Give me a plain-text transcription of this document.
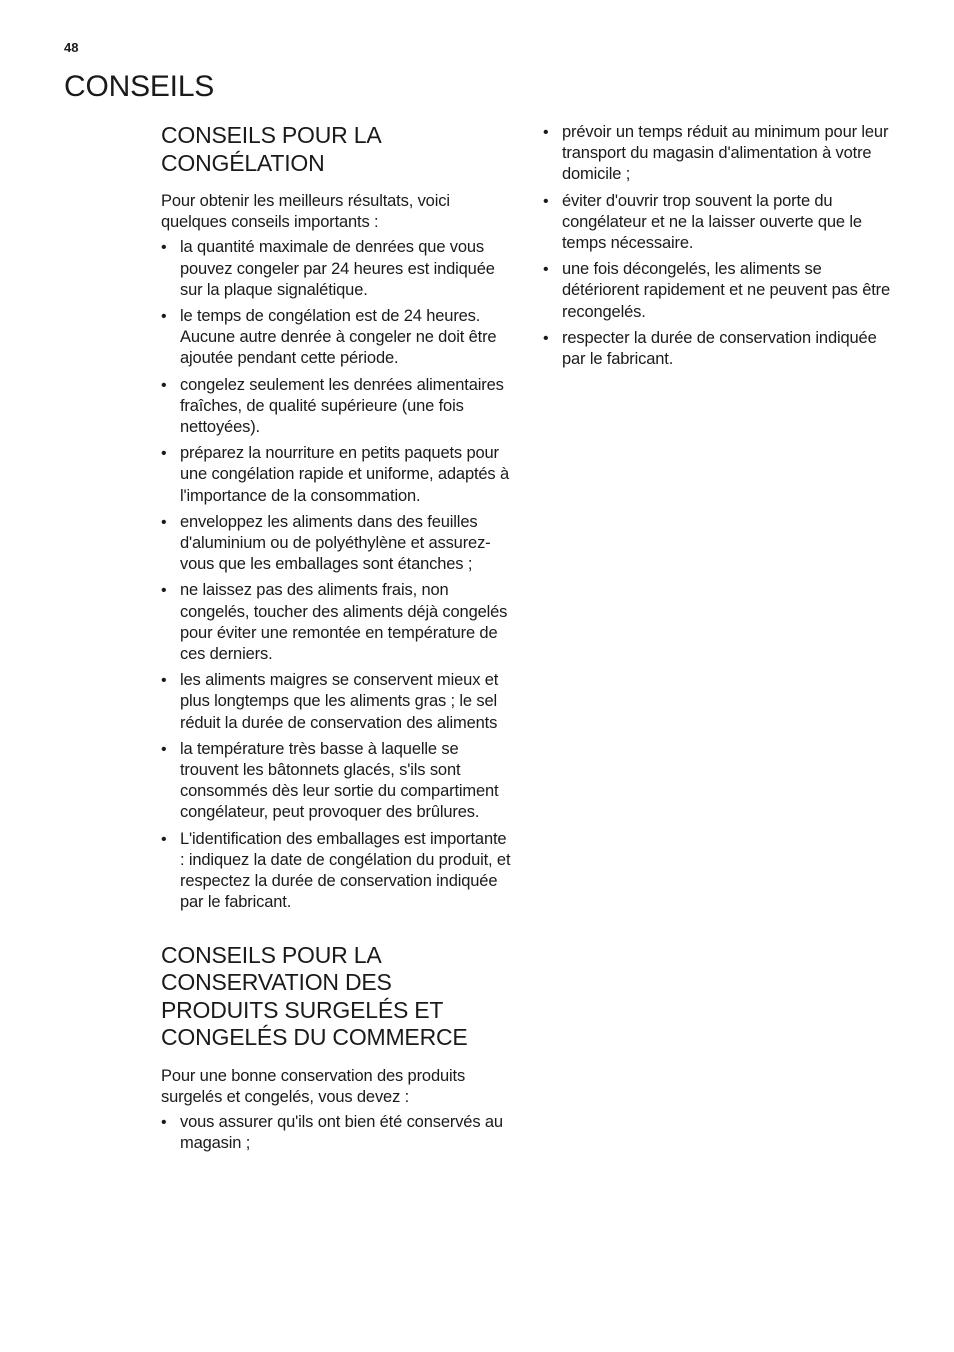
48
CONSEILS
CONSEILS POUR LA CONGÉLATION

Pour obtenir les meilleurs résultats, voici quelques conseils importants :

• la quantité maximale de denrées que vous pouvez congeler par 24 heures est indiquée sur la plaque signalétique.
• le temps de congélation est de 24 heures. Aucune autre denrée à congeler ne doit être ajoutée pendant cette période.
• congelez seulement les denrées alimentaires fraîches, de qualité supérieure (une fois nettoyées).
• préparez la nourriture en petits paquets pour une congélation rapide et uniforme, adaptés à l'importance de la consommation.
• enveloppez les aliments dans des feuilles d'aluminium ou de polyéthylène et assurez-vous que les emballages sont étanches ;
• ne laissez pas des aliments frais, non congelés, toucher des aliments déjà congelés pour éviter une remontée en température de ces derniers.
• les aliments maigres se conservent mieux et plus longtemps que les aliments gras ; le sel réduit la durée de conservation des aliments
• la température très basse à laquelle se trouvent les bâtonnets glacés, s'ils sont consommés dès leur sortie du compartiment congélateur, peut provoquer des brûlures.
• L'identification des emballages est importante : indiquez la date de congélation du produit, et respectez la durée de conservation indiquée par le fabricant.
CONSEILS POUR LA CONSERVATION DES PRODUITS SURGELÉS ET CONGELÉS DU COMMERCE

Pour une bonne conservation des produits surgelés et congelés, vous devez :

• vous assurer qu'ils ont bien été conservés au magasin ;
• prévoir un temps réduit au minimum pour leur transport du magasin d'alimentation à votre domicile ;
• éviter d'ouvrir trop souvent la porte du congélateur et ne la laisser ouverte que le temps nécessaire.
• une fois décongelés, les aliments se détériorent rapidement et ne peuvent pas être recongelés.
• respecter la durée de conservation indiquée par le fabricant.
